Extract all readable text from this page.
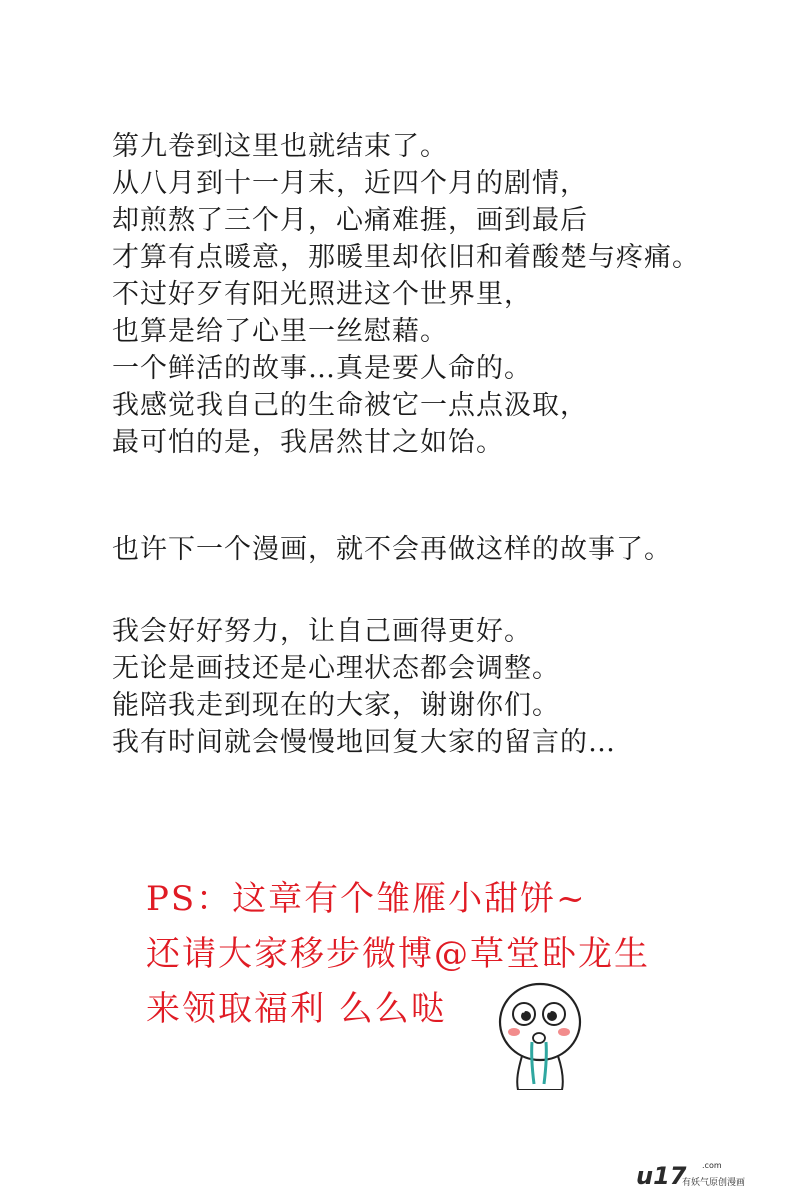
第九卷到这里也就结束了。
从八月到十一月末，近四个月的剧情，
却煎熬了三个月，心痛难捱，画到最后
才算有点暖意，那暖里却依旧和着酸楚与疼痛。
不过好歹有阳光照进这个世界里，
也算是给了心里一丝慰藉。
一个鲜活的故事…真是要人命的。
我感觉我自己的生命被它一点点汲取，
最可怕的是，我居然甘之如饴。
也许下一个漫画，就不会再做这样的故事了。
我会好好努力，让自己画得更好。
无论是画技还是心理状态都会调整。
能陪我走到现在的大家，谢谢你们。
我有时间就会慢慢地回复大家的留言的…
PS：这章有个雏雁小甜饼~
还请大家移步微博@草堂卧龙生
来领取福利 么么哒
u17 .com
有妖气原创漫画
